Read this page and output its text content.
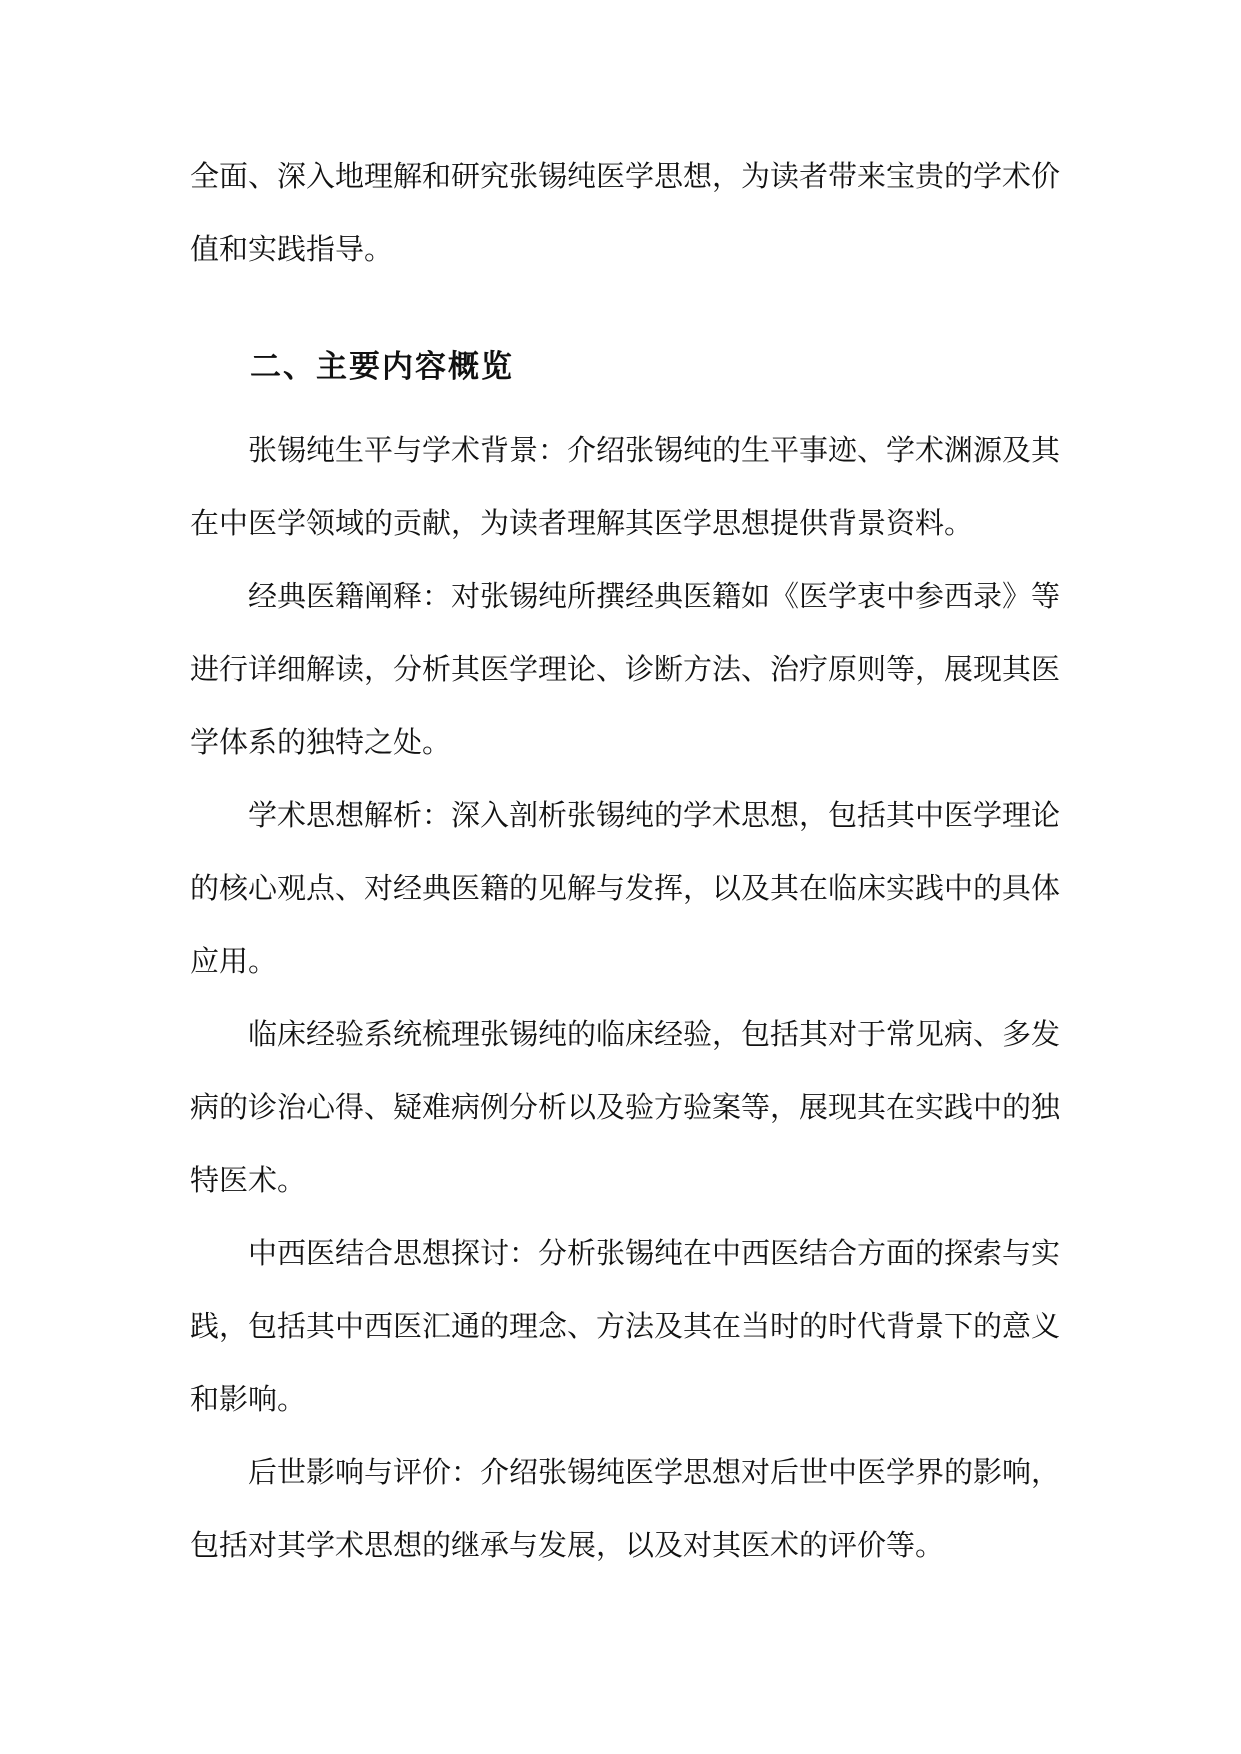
全面、深入地理解和研究张锡纯医学思想，为读者带来宝贵的学术价值和实践指导。

二、主要内容概览

张锡纯生平与学术背景：介绍张锡纯的生平事迹、学术渊源及其在中医学领域的贡献，为读者理解其医学思想提供背景资料。

经典医籍阐释：对张锡纯所撰经典医籍如《医学衷中参西录》等进行详细解读，分析其医学理论、诊断方法、治疗原则等，展现其医学体系的独特之处。

学术思想解析：深入剖析张锡纯的学术思想，包括其中医学理论的核心观点、对经典医籍的见解与发挥，以及其在临床实践中的具体应用。

临床经验系统梳理张锡纯的临床经验，包括其对于常见病、多发病的诊治心得、疑难病例分析以及验方验案等，展现其在实践中的独特医术。

中西医结合思想探讨：分析张锡纯在中西医结合方面的探索与实践，包括其中西医汇通的理念、方法及其在当时的时代背景下的意义和影响。

后世影响与评价：介绍张锡纯医学思想对后世中医学界的影响，包括对其学术思想的继承与发展，以及对其医术的评价等。
